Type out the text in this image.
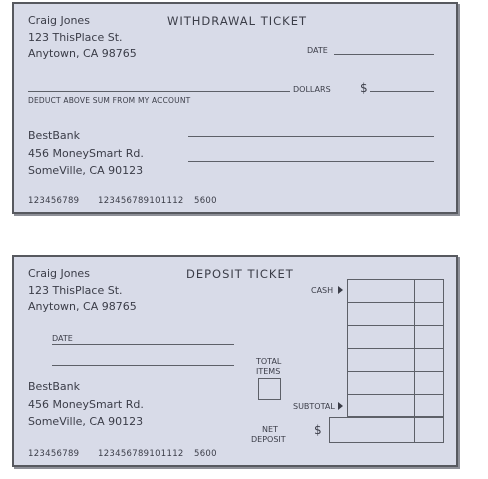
Craig Jones
123 ThisPlace St.
Anytown, CA 98765
WITHDRAWAL TICKET
DATE
DOLLARS $
DEDUCT ABOVE SUM FROM MY ACCOUNT
BestBank
456 MoneySmart Rd.
SomeVille, CA 90123
123456789 123456789101112 5600
Craig Jones
123 ThisPlace St.
Anytown, CA 98765
DEPOSIT TICKET
DATE
BestBank
456 MoneySmart Rd.
SomeVille, CA 90123
TOTAL
ITEMS
CASH
SUBTOTAL
NET
DEPOSIT
$
123456789 123456789101112 5600
